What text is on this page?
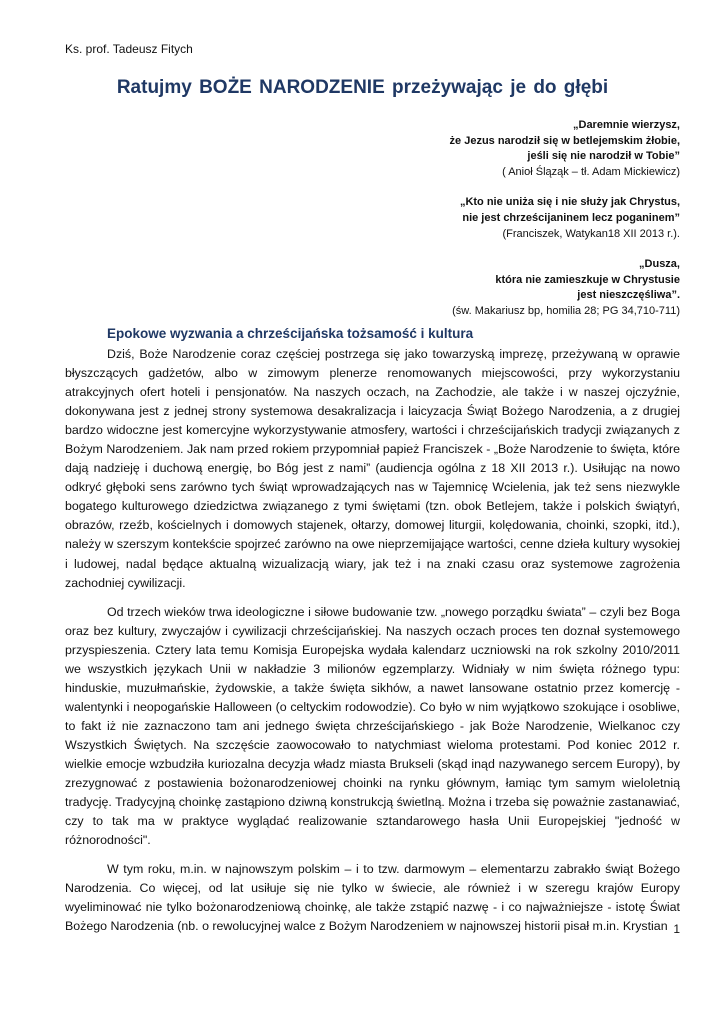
Ks. prof. Tadeusz Fitych
Ratujmy BOŻE NARODZENIE przeżywając je do głębi
„Daremnie wierzysz,
że Jezus narodził się w betlejemskim żłobie,
jeśli się nie narodził w Tobie”
( Anioł Śląząk – tł. Adam Mickiewicz)
„Kto nie uniża się i nie służy jak Chrystus,
nie jest chrześcijaninem lecz poganinem”
(Franciszek, Watykan18 XII 2013 r.).
„Dusza,
która nie zamieszkuje w Chrystusie
jest nieszczęśliwa”.
(św. Makariusz bp, homilia 28; PG 34,710-711)
Epokowe wyzwania a chrześcijańska tożsamość i kultura

Dziś, Boże Narodzenie coraz częściej postrzega się jako towarzyską imprezę, przeżywaną w oprawie błyszczących gadżetów, albo w zimowym plenerze renomowanych miejscowości, przy wykorzystaniu atrakcyjnych ofert hoteli i pensjonatów. Na naszych oczach, na Zachodzie, ale także i w naszej ojczyźnie, dokonywana jest z jednej strony systemowa desakralizacja i laicyzacja Świąt Bożego Narodzenia, a z drugiej bardzo widoczne jest komercyjne wykorzystywanie atmosfery, wartości i chrześcijańskich tradycji związanych z Bożym Narodzeniem. Jak nam przed rokiem przypomniał papież Franciszek - „Boże Narodzenie to święta, które dają nadzieję i duchową energię, bo Bóg jest z nami” (audiencja ogólna z 18 XII 2013 r.). Usiłując na nowo odkryć głęboki sens zarówno tych świąt wprowadzających nas w Tajemnicę Wcielenia, jak też sens niezwykle bogatego kulturowego dziedzictwa związanego z tymi świętami (tzn. obok Betlejem, także i polskich świątyń, obrazów, rzeźb, kościelnych i domowych stajenek, ołtarzy, domowej liturgii, kolędowania, choinki, szopki, itd.), należy w szerszym kontekście spojrzeć zarówno na owe nieprzemijające wartości, cenne dzieła kultury wysokiej i ludowej, nadal będące aktualną wizualizacją wiary, jak też i na znaki czasu oraz systemowe zagrożenia zachodniej cywilizacji.

Od trzech wieków trwa ideologiczne i siłowe budowanie tzw. „nowego porządku świata” – czyli bez Boga oraz bez kultury, zwyczajów i cywilizacji chrześcijańskiej. Na naszych oczach proces ten doznał systemowego przyspieszenia. Cztery lata temu Komisja Europejska wydała kalendarz uczniowski na rok szkolny 2010/2011 we wszystkich językach Unii w nakładzie 3 milionów egzemplarzy. Widniały w nim święta różnego typu: hinduskie, muzułmańskie, żydowskie, a także święta sikhów, a nawet lansowane ostatnio przez komercję - walentynki i neopogańskie Halloween (o celtyckim rodowodzie). Co było w nim wyjątkowo szokujące i osobliwe, to fakt iż nie zaznaczono tam ani jednego święta chrześcijańskiego - jak Boże Narodzenie, Wielkanoc czy Wszystkich Świętych. Na szczęście zaowocowało to natychmiast wieloma protestami. Pod koniec 2012 r. wielkie emocje wzbudziła kuriozalna decyzja władz miasta Brukseli (skąd inąd nazywanego sercem Europy), by zrezygnować z postawienia bożonarodzeniowej choinki na rynku głównym, łamiąc tym samym wieloletnią tradycję. Tradycyjną choinkę zastąpiono dziwną konstrukcją świetlną. Można i trzeba się poważnie zastanawiać, czy to tak ma w praktyce wyglądać realizowanie sztandarowego hasła Unii Europejskiej "jedność w różnorodności".

W tym roku, m.in. w najnowszym polskim – i to tzw. darmowym – elementarzu zabrakło świąt Bożego Narodzenia. Co więcej, od lat usiłuje się nie tylko w świecie, ale również i w szeregu krajów Europy wyeliminować nie tylko bożonarodzeniową choinkę, ale także zstąpić nazwę - i co najważniejsze - istotę Świat Bożego Narodzenia (nb. o rewolucyjnej walce z Bożym Narodzeniem w najnowszej historii pisał m.in. Krystian 1
